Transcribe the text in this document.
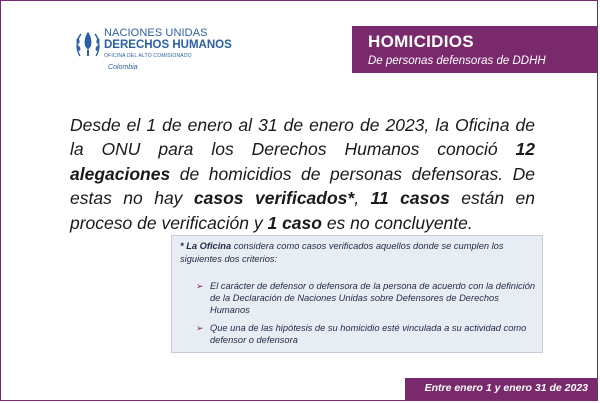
NACIONES UNIDAS
DERECHOS HUMANOS
OFICINA DEL ALTO COMISIONADO
Colombia
HOMICIDIOS
De personas defensoras de DDHH

Desde el 1 de enero al 31 de enero de 2023, la Oficina de la ONU para los Derechos Humanos conoció 12 alegaciones de homicidios de personas defensoras. De estas no hay casos verificados*, 11 casos están en proceso de verificación y 1 caso es no concluyente.

* La Oficina considera como casos verificados aquellos donde se cumplen los siguientes dos criterios:
➢ El carácter de defensor o defensora de la persona de acuerdo con la definición de la Declaración de Naciones Unidas sobre Defensores de Derechos Humanos
➢ Que una de las hipótesis de su homicidio esté vinculada a su actividad como defensor o defensora
Entre enero 1 y enero 31 de 2023
